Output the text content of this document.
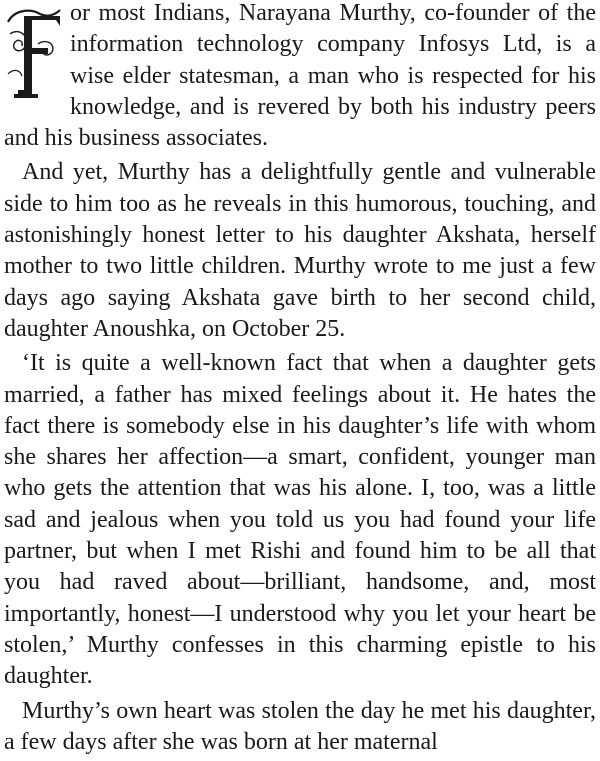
or most Indians, Narayana Murthy, co-founder of the information technology company Infosys Ltd, is a wise elder statesman, a man who is respected for his knowledge, and is revered by both his industry peers and his business associates.

And yet, Murthy has a delightfully gentle and vulnerable side to him too as he reveals in this humorous, touching, and astonishingly honest letter to his daughter Akshata, herself mother to two little children. Murthy wrote to me just a few days ago saying Akshata gave birth to her second child, daughter Anoushka, on October 25.

‘It is quite a well-known fact that when a daughter gets married, a father has mixed feelings about it. He hates the fact there is somebody else in his daughter’s life with whom she shares her affection—a smart, confident, younger man who gets the attention that was his alone. I, too, was a little sad and jealous when you told us you had found your life partner, but when I met Rishi and found him to be all that you had raved about—brilliant, handsome, and, most importantly, honest—I understood why you let your heart be stolen,’ Murthy confesses in this charming epistle to his daughter.

Murthy’s own heart was stolen the day he met his daughter, a few days after she was born at her maternal
